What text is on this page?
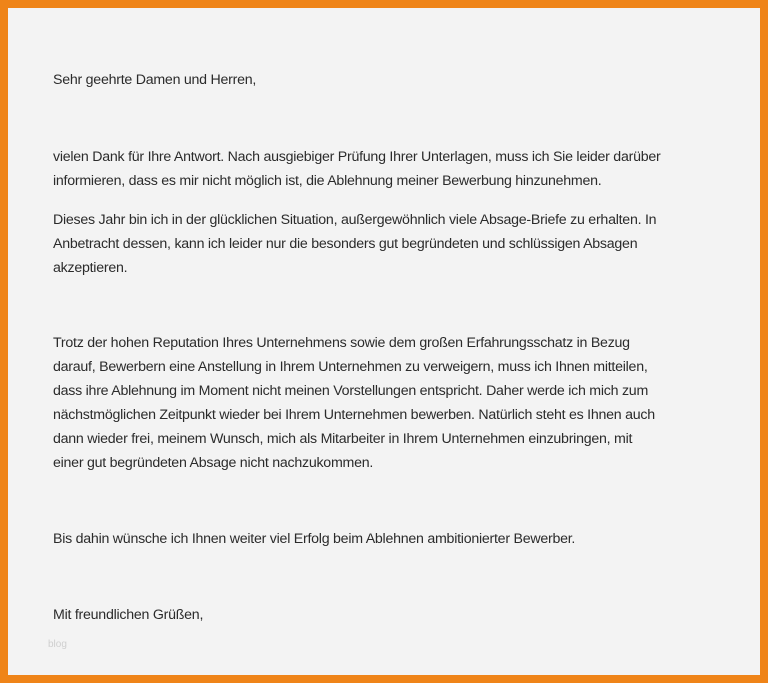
Sehr geehrte Damen und Herren,
vielen Dank für Ihre Antwort. Nach ausgiebiger Prüfung Ihrer Unterlagen, muss ich Sie leider darüber
informieren, dass es mir nicht möglich ist, die Ablehnung meiner Bewerbung hinzunehmen.
Dieses Jahr bin ich in der glücklichen Situation, außergewöhnlich viele Absage-Briefe zu erhalten. In
Anbetracht dessen, kann ich leider nur die besonders gut begründeten und schlüssigen Absagen
akzeptieren.
Trotz der hohen Reputation Ihres Unternehmens sowie dem großen Erfahrungsschatz in Bezug
darauf, Bewerbern eine Anstellung in Ihrem Unternehmen zu verweigern, muss ich Ihnen mitteilen,
dass ihre Ablehnung im Moment nicht meinen Vorstellungen entspricht. Daher werde ich mich zum
nächstmöglichen Zeitpunkt wieder bei Ihrem Unternehmen bewerben. Natürlich steht es Ihnen auch
dann wieder frei, meinem Wunsch, mich als Mitarbeiter in Ihrem Unternehmen einzubringen, mit
einer gut begründeten Absage nicht nachzukommen.
Bis dahin wünsche ich Ihnen weiter viel Erfolg beim Ablehnen ambitionierter Bewerber.
Mit freundlichen Grüßen,
blog
